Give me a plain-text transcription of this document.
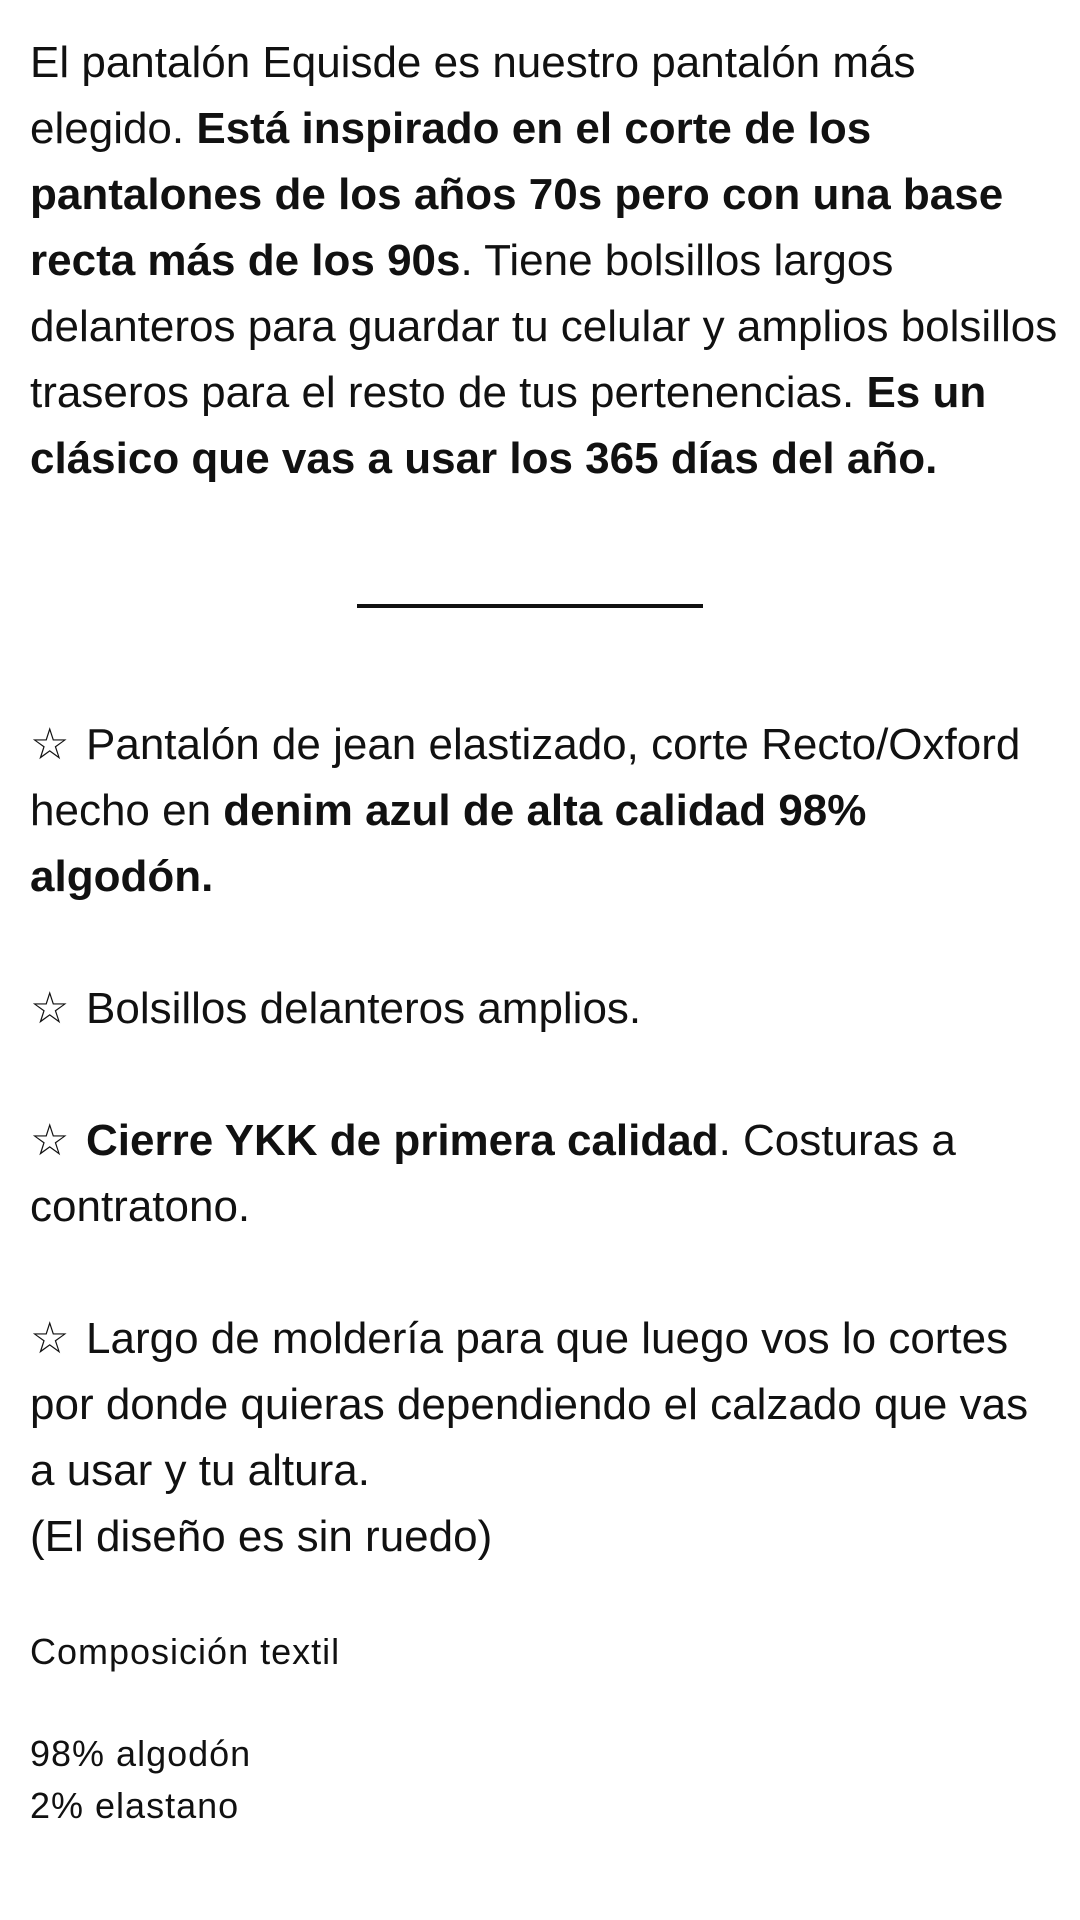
El pantalón Equisde es nuestro pantalón más elegido. Está inspirado en el corte de los pantalones de los años 70s pero con una base recta más de los 90s. Tiene bolsillos largos delanteros para guardar tu celular y amplios bolsillos traseros para el resto de tus pertenencias. Es un clásico que vas a usar los 365 días del año.

☆ Pantalón de jean elastizado, corte Recto/Oxford hecho en denim azul de alta calidad 98% algodón.

☆ Bolsillos delanteros amplios.

☆ Cierre YKK de primera calidad. Costuras a contratono.

☆ Largo de moldería para que luego vos lo cortes por donde quieras dependiendo el calzado que vas a usar y tu altura.
(El diseño es sin ruedo)

Composición textil

98% algodón
2% elastano
